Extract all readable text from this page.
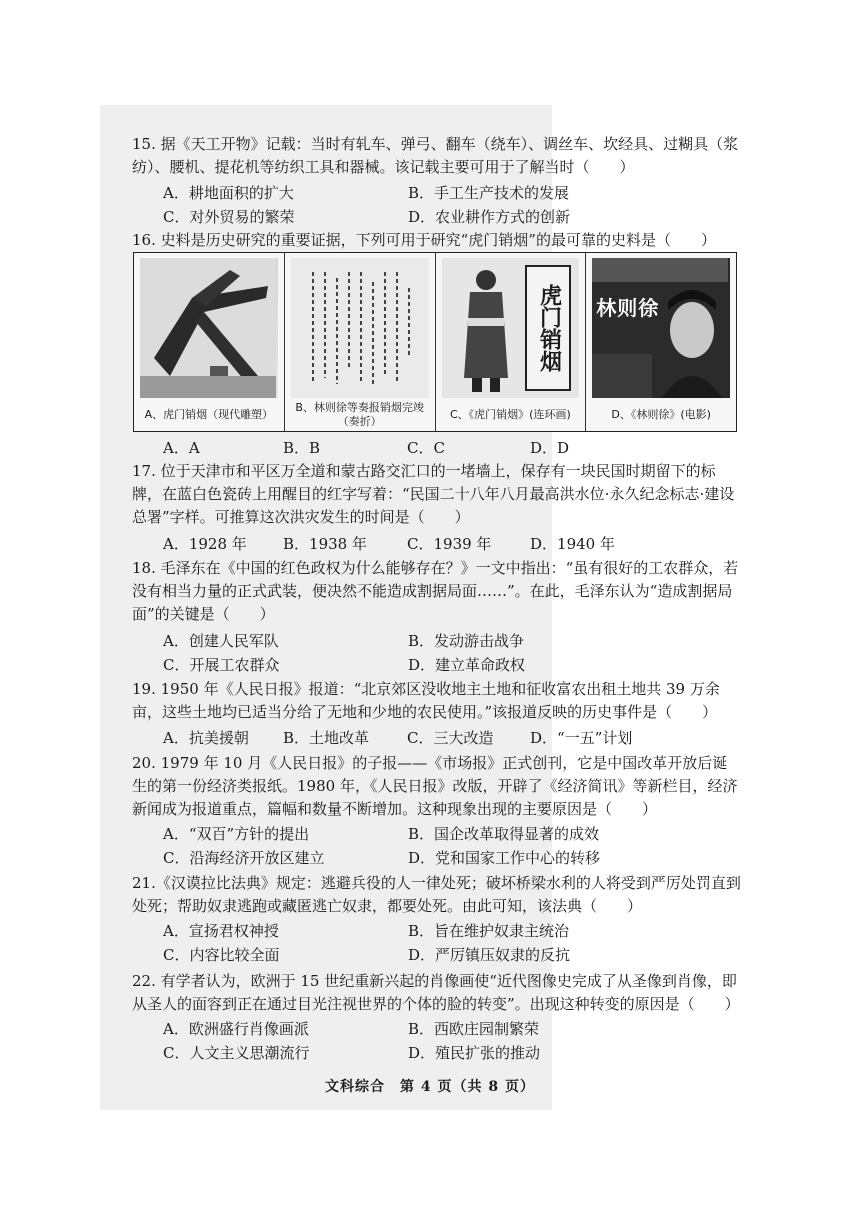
15. 据《天工开物》记载：当时有轧车、弹弓、翻车（绕车）、调丝车、坎经具、过糊具（浆纺）、腰机、提花机等纺织工具和器械。该记载主要可用于了解当时（　　）
A．耕地面积的扩大	B．手工生产技术的发展
C．对外贸易的繁荣	D．农业耕作方式的创新
16. 史料是历史研究的重要证据，下列可用于研究“虎门销烟”的最可靠的史料是（　　）
A、虎门销烟（现代雕塑）
B、林则徐等奏报销烟完竣（奏折）
虎门销烟
C、《虎门销烟》(连环画)
林则徐
D、《林则徐》(电影)
A．A	B．B	C．C	D．D
17. 位于天津市和平区万全道和蒙古路交汇口的一堵墙上，保存有一块民国时期留下的标牌，在蓝白色瓷砖上用醒目的红字写着：“民国二十八年八月最高洪水位·永久纪念标志·建设总署”字样。可推算这次洪灾发生的时间是（　　）
A．1928 年 B．1938 年	C．1939 年	D．1940 年
18. 毛泽东在《中国的红色政权为什么能够存在？》一文中指出：“虽有很好的工农群众，若没有相当力量的正式武装，便决然不能造成割据局面……”。在此，毛泽东认为“造成割据局面”的关键是（　　）
A．创建人民军队	B．发动游击战争
C．开展工农群众	D．建立革命政权
19. 1950 年《人民日报》报道：“北京郊区没收地主土地和征收富农出租土地共 39 万余亩，这些土地均已适当分给了无地和少地的农民使用。”该报道反映的历史事件是（　　）
A．抗美援朝 B．土地改革	C．三大改造 D．“一五”计划
20. 1979 年 10 月《人民日报》的子报——《市场报》正式创刊，它是中国改革开放后诞生的第一份经济类报纸。1980 年，《人民日报》改版，开辟了《经济简讯》等新栏目，经济新闻成为报道重点，篇幅和数量不断增加。这种现象出现的主要原因是（　　）
A．“双百”方针的提出	B．国企改革取得显著的成效
C．沿海经济开放区建立	D．党和国家工作中心的转移
21.《汉谟拉比法典》规定：逃避兵役的人一律处死；破坏桥梁水利的人将受到严厉处罚直到处死；帮助奴隶逃跑或藏匿逃亡奴隶，都要处死。由此可知，该法典（　　）
A．宣扬君权神授	B．旨在维护奴隶主统治
C．内容比较全面	D．严厉镇压奴隶的反抗
22. 有学者认为，欧洲于 15 世纪重新兴起的肖像画使“近代图像史完成了从圣像到肖像，即从圣人的面容到正在通过目光注视世界的个体的脸的转变”。出现这种转变的原因是（　　）
A．欧洲盛行肖像画派	B．西欧庄园制繁荣
C．人文主义思潮流行	D．殖民扩张的推动
文科综合　第 4 页（共 8 页）
